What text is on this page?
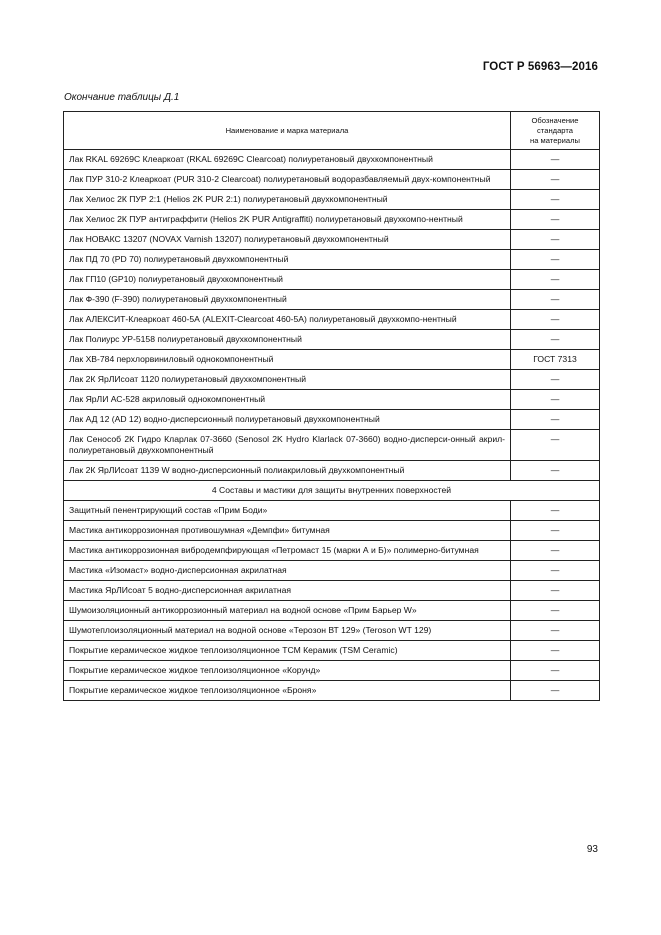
ГОСТ Р 56963—2016
Окончание таблицы Д.1
Наименование и марка материала	Обозначение
стандарта
на материалы
Лак RKAL 69269C Клеаркоат (RKAL 69269C Clearcoat) полиуретановый двухкомпонентный	—
Лак ПУР 310-2 Клеаркоат (PUR 310-2 Clearcoat) полиуретановый водоразбавляемый двух-компонентный	—
Лак Хелиос 2К ПУР 2:1 (Helios 2K PUR 2:1) полиуретановый двухкомпонентный	—
Лак Хелиос 2К ПУР антиграффити (Helios 2K PUR Antigraffiti) полиуретановый двухкомпо-нентный	—
Лак НОВАКС 13207 (NOVAX Varnish 13207) полиуретановый двухкомпонентный	—
Лак ПД 70 (PD 70) полиуретановый двухкомпонентный	—
Лак ГП10 (GP10) полиуретановый двухкомпонентный	—
Лак Ф-390 (F-390) полиуретановый двухкомпонентный	—
Лак АЛЕКСИТ-Клеаркоат 460-5А (ALEXIT-Clearcoat 460-5A) полиуретановый двухкомпо-нентный	—
Лак Полиурс УР-5158 полиуретановый двухкомпонентный	—
Лак ХВ-784 перхлорвиниловый однокомпонентный	ГОСТ 7313
Лак 2К ЯрЛИсоат 1120 полиуретановый двухкомпонентный	—
Лак ЯрЛИ АС-528 акриловый однокомпонентный	—
Лак АД 12 (AD 12) водно-дисперсионный полиуретановый двухкомпонентный	—
Лак Сенособ 2К Гидро Кларлак 07-3660 (Senosol 2K Hydro Klarlack 07-3660) водно-дисперси-онный акрил-полиуретановый двухкомпонентный	—
Лак 2К ЯрЛИсоат 1139 W водно-дисперсионный полиакриловый двухкомпонентный	—
4 Составы и мастики для защиты внутренних поверхностей	
Защитный пенентрирующий состав «Прим Боди»	—
Мастика антикоррозионная противошумная «Демпфи» битумная	—
Мастика антикоррозионная вибродемпфирующая «Петромаст 15 (марки А и Б)» полимерно-битумная	—
Мастика «Изомаст» водно-дисперсионная акрилатная	—
Мастика ЯрЛИсоат 5 водно-дисперсионная акрилатная	—
Шумоизоляционный антикоррозионный материал на водной основе «Прим Барьер W»	—
Шумотеплоизоляционный материал на водной основе «Терозон ВТ 129» (Teroson WT 129)	—
Покрытие керамическое жидкое теплоизоляционное ТСМ Керамик (TSM Ceramic)	—
Покрытие керамическое жидкое теплоизоляционное «Корунд»	—
Покрытие керамическое жидкое теплоизоляционное «Броня»	—
93
